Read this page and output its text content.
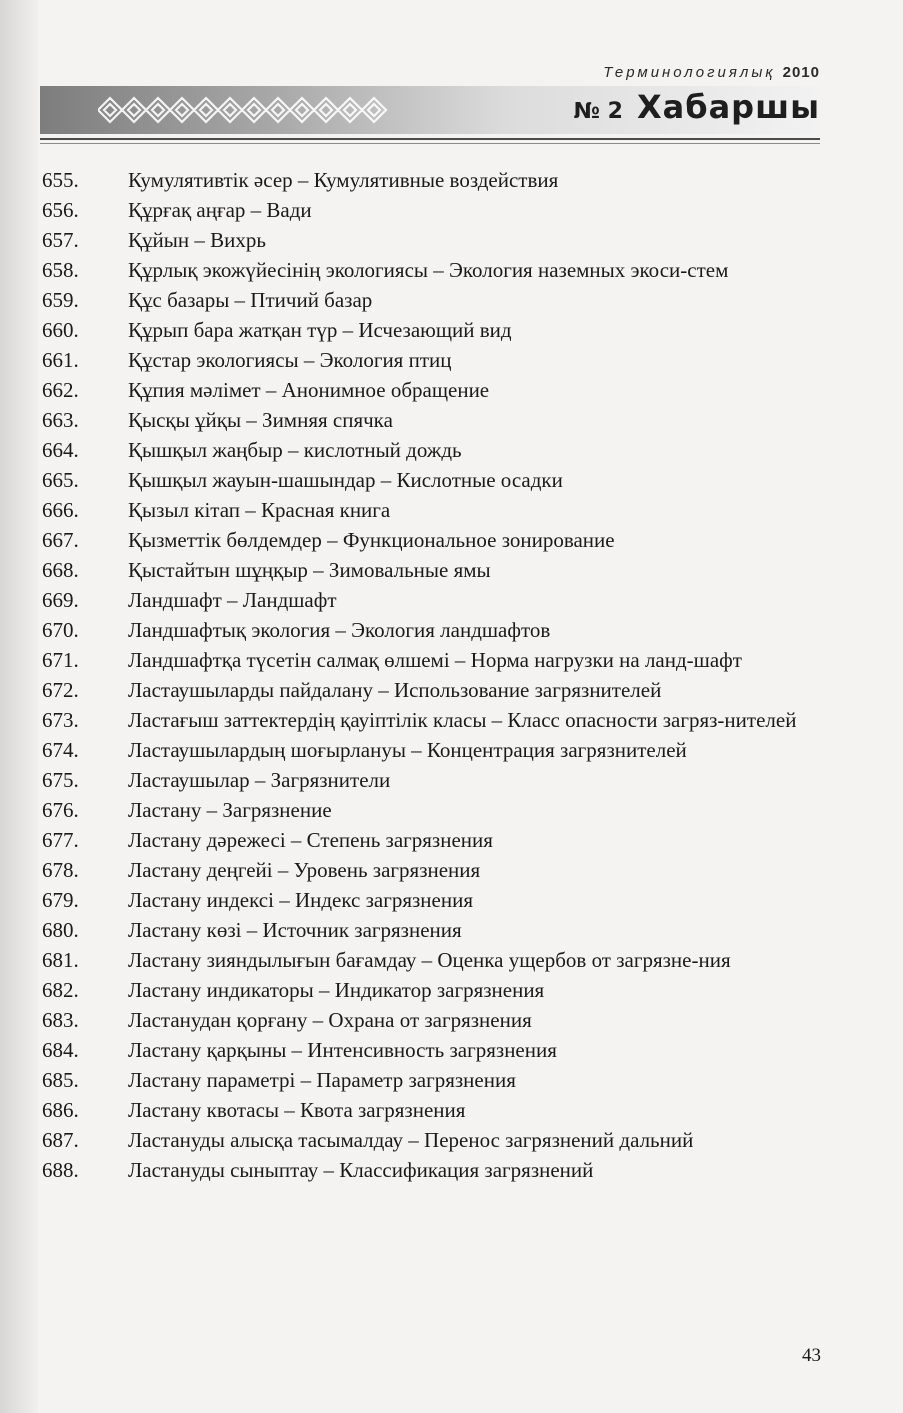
Терминологиялық 2010
№ 2 Хабаршы
655.	Кумулятивтік әсер – Кумулятивные воздействия
656.	Құрғақ аңғар – Вади
657.	Құйын – Вихрь
658.	Құрлық экожүйесінің экологиясы – Экология наземных экоси-стем
659.	Құс базары – Птичий базар
660.	Құрып бара жатқан түр – Исчезающий вид
661.	Құстар экологиясы – Экология птиц
662.	Құпия мәлімет – Анонимное обращение
663.	Қысқы ұйқы – Зимняя спячка
664.	Қышқыл жаңбыр – кислотный дождь
665.	Қышқыл жауын-шашындар – Кислотные осадки
666.	Қызыл кітап – Красная книга
667.	Қызметтік бөлдемдер – Функциональное зонирование
668.	Қыстайтын шұңқыр – Зимовальные ямы
669.	Ландшафт – Ландшафт
670.	Ландшафтық экология – Экология ландшафтов
671.	Ландшафтқа түсетін салмақ өлшемі – Норма нагрузки на ланд-шафт
672.	Ластаушыларды пайдалану – Использование загрязнителей
673.	Ластағыш заттектердің қауіптілік класы – Класс опасности загряз-нителей
674.	Ластаушылардың шоғырлануы – Концентрация загрязнителей
675.	Ластаушылар – Загрязнители
676.	Ластану – Загрязнение
677.	Ластану дәрежесі – Степень загрязнения
678.	Ластану деңгейі – Уровень загрязнения
679.	Ластану индексі – Индекс загрязнения
680.	Ластану көзі – Источник загрязнения
681.	Ластану зияндылығын бағамдау – Оценка ущербов от загрязне-ния
682.	Ластану индикаторы – Индикатор загрязнения
683.	Ластанудан қорғану – Охрана от загрязнения
684.	Ластану қарқыны – Интенсивность загрязнения
685.	Ластану параметрі – Параметр загрязнения
686.	Ластану квотасы – Квота загрязнения
687.	Ластануды алысқа тасымалдау – Перенос загрязнений дальний
688.	Ластануды сыныптау – Классификация загрязнений
43
